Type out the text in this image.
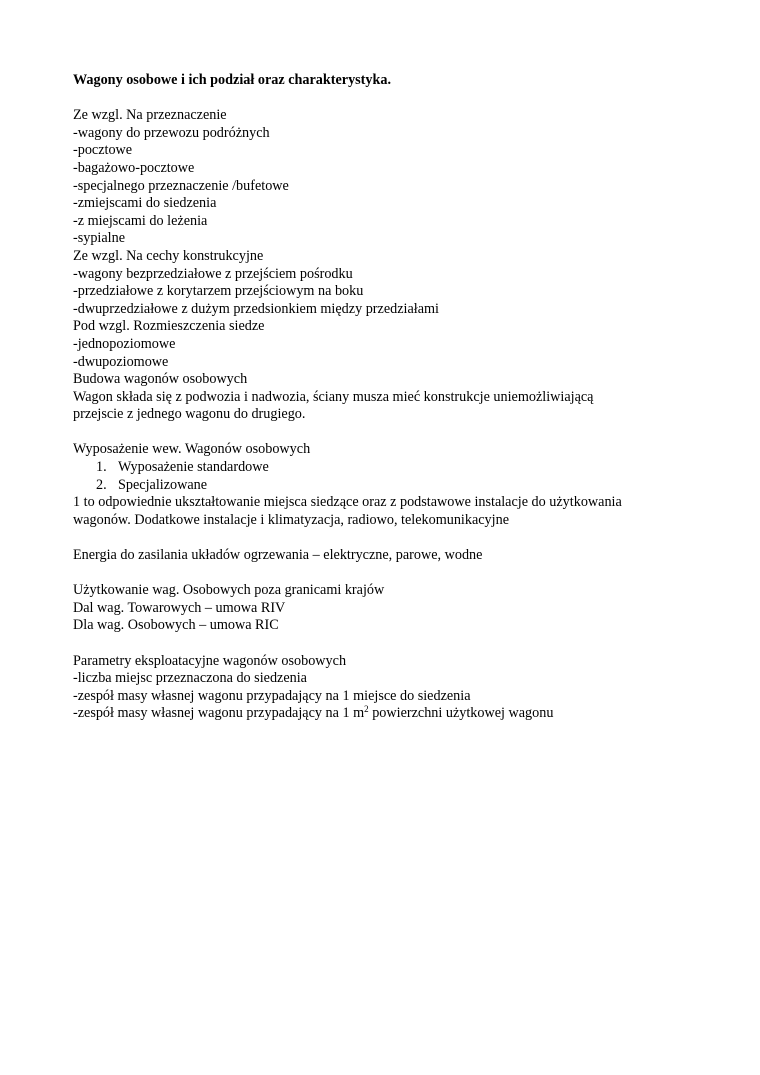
Wagony osobowe i ich podział oraz charakterystyka.
Ze wzgl. Na przeznaczenie
-wagony do przewozu podróżnych
-pocztowe
-bagażowo-pocztowe
-specjalnego przeznaczenie /bufetowe
-zmiejscami do siedzenia
-z miejscami do leżenia
-sypialne
Ze wzgl. Na cechy konstrukcyjne
-wagony bezprzedziałowe z przejściem pośrodku
-przedziałowe z korytarzem przejściowym na boku
-dwuprzedziałowe z dużym przedsionkiem między przedziałami
Pod wzgl. Rozmieszczenia siedze
-jednopoziomowe
-dwupoziomowe
Budowa wagonów osobowych
Wagon składa się z podwozia i nadwozia, ściany musza mieć konstrukcje uniemożliwiającą
przejscie z jednego wagonu do drugiego.
Wyposażenie wew. Wagonów osobowych
1. Wyposażenie standardowe
2. Specjalizowane
1 to odpowiednie ukształtowanie miejsca siedzące oraz z podstawowe instalacje do użytkowania
wagonów. Dodatkowe instalacje i klimatyzacja, radiowo, telekomunikacyjne
Energia do zasilania układów ogrzewania – elektryczne, parowe, wodne
Użytkowanie wag. Osobowych poza granicami krajów
Dal wag. Towarowych – umowa RIV
Dla wag. Osobowych – umowa RIC
Parametry eksploatacyjne wagonów osobowych
-liczba miejsc przeznaczona do siedzenia
-zespół masy własnej wagonu przypadający na 1 miejsce do siedzenia
-zespół masy własnej wagonu przypadający na 1 $m^2$ powierzchni użytkowej wagonu
